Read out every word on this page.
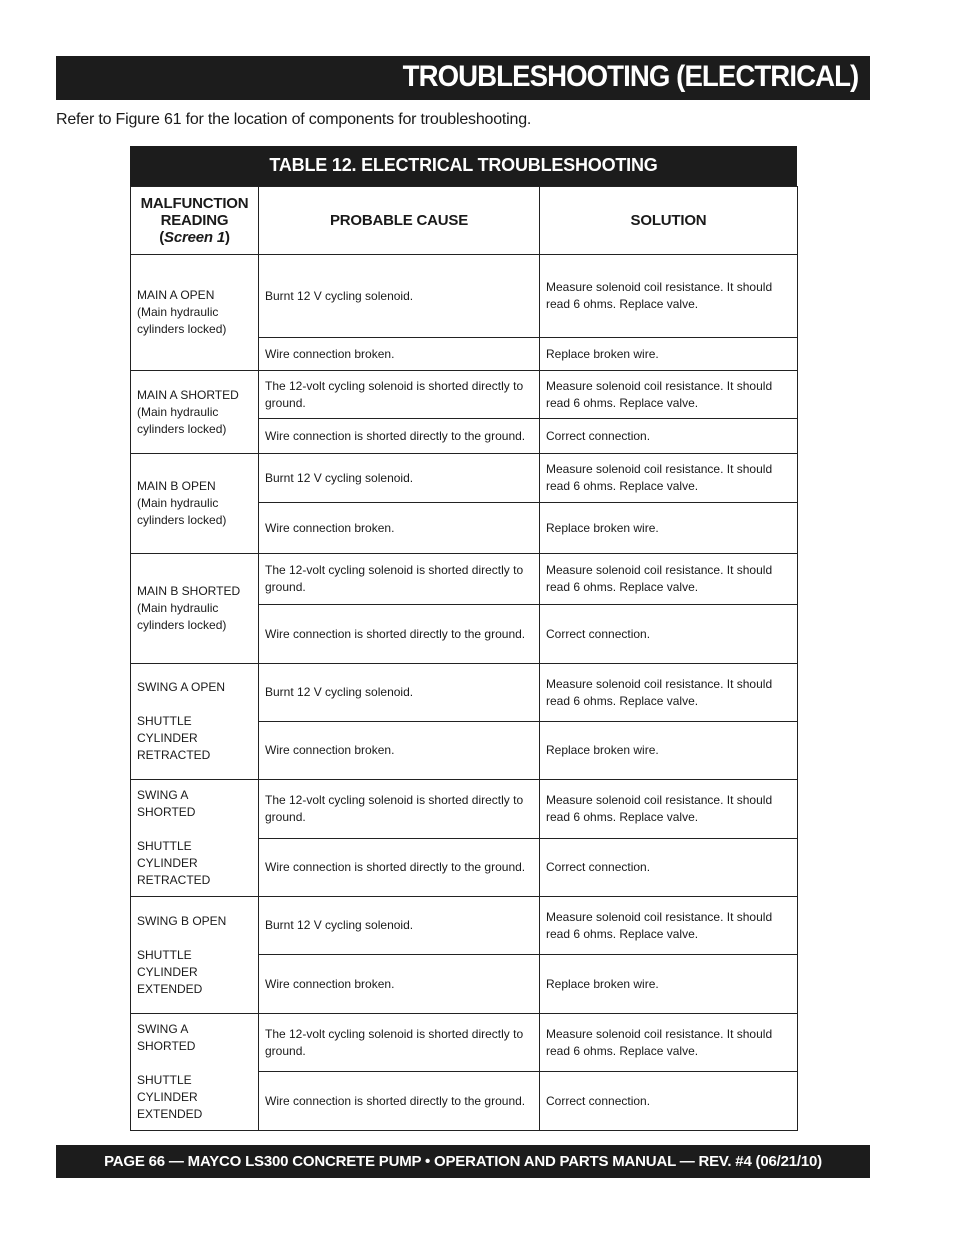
TROUBLESHOOTING (ELECTRICAL)
Refer to Figure 61 for the location of components for troubleshooting.
TABLE 12. ELECTRICAL TROUBLESHOOTING
MALFUNCTION READING (Screen 1)	PROBABLE CAUSE	SOLUTION
MAIN A OPEN
(Main hydraulic
cylinders locked)	Burnt 12 V cycling solenoid.	Measure solenoid coil resistance. It should read 6 ohms. Replace valve.
	Wire connection broken.	Replace broken wire.
MAIN A SHORTED
(Main hydraulic
cylinders locked)	The 12-volt cycling solenoid is shorted directly to ground.	Measure solenoid coil resistance. It should read 6 ohms. Replace valve.
	Wire connection is shorted directly to the ground.	Correct connection.
MAIN B OPEN
(Main hydraulic
cylinders locked)	Burnt 12 V cycling solenoid.	Measure solenoid coil resistance. It should read 6 ohms. Replace valve.
	Wire connection broken.	Replace broken wire.
MAIN B SHORTED
(Main hydraulic
cylinders locked)	The 12-volt cycling solenoid is shorted directly to ground.	Measure solenoid coil resistance. It should read 6 ohms. Replace valve.
	Wire connection is shorted directly to the ground.	Correct connection.
SWING A OPEN

SHUTTLE
CYLINDER
RETRACTED	Burnt 12 V cycling solenoid.	Measure solenoid coil resistance. It should read 6 ohms. Replace valve.
	Wire connection broken.	Replace broken wire.
SWING A
SHORTED

SHUTTLE
CYLINDER
RETRACTED	The 12-volt cycling solenoid is shorted directly to ground.	Measure solenoid coil resistance. It should read 6 ohms. Replace valve.
	Wire connection is shorted directly to the ground.	Correct connection.
SWING B OPEN

SHUTTLE
CYLINDER
EXTENDED	Burnt 12 V cycling solenoid.	Measure solenoid coil resistance. It should read 6 ohms. Replace valve.
	Wire connection broken.	Replace broken wire.
SWING A
SHORTED

SHUTTLE
CYLINDER
EXTENDED	The 12-volt cycling solenoid is shorted directly to ground.	Measure solenoid coil resistance. It should read 6 ohms. Replace valve.
	Wire connection is shorted directly to the ground.	Correct connection.
PAGE 66 — MAYCO LS300 CONCRETE PUMP • OPERATION AND PARTS MANUAL — REV. #4 (06/21/10)
